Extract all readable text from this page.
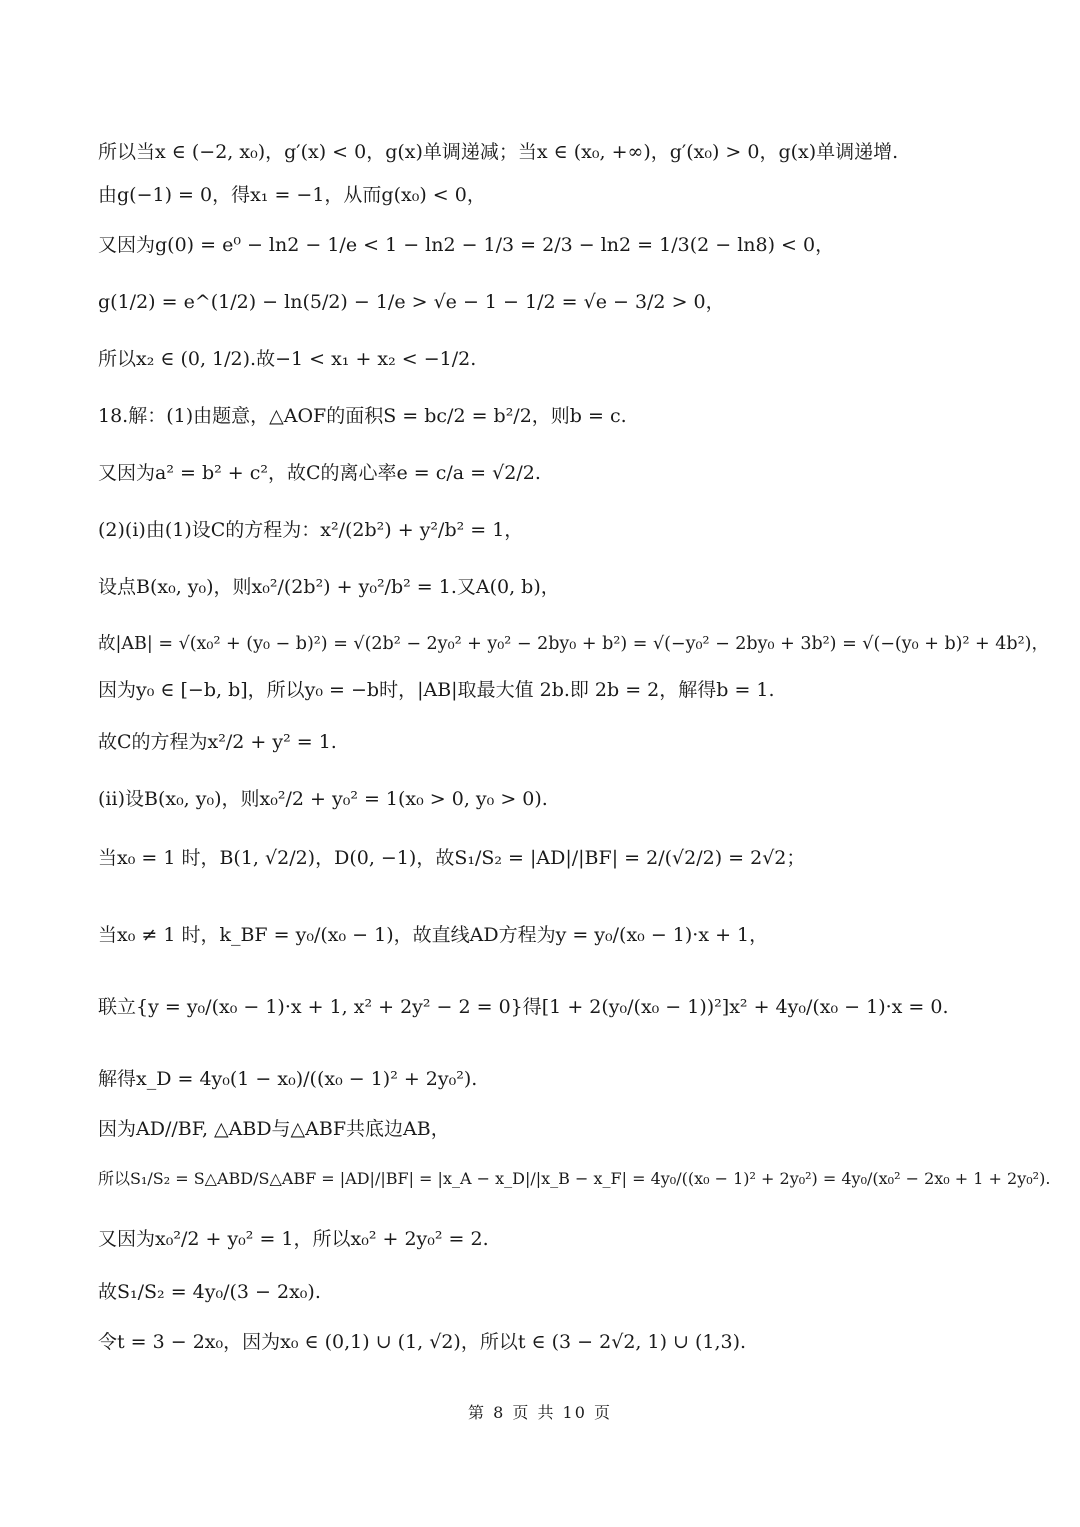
所以当x ∈ (−2, x₀)，g′(x) < 0，g(x)单调递减；当x ∈ (x₀, +∞)，g′(x₀) > 0，g(x)单调递增.
由g(−1) = 0，得x₁ = −1，从而g(x₀) < 0，
又因为g(0) = e⁰ − ln2 − 1/e < 1 − ln2 − 1/3 = 2/3 − ln2 = 1/3(2 − ln8) < 0，
g(1/2) = e^(1/2) − ln(5/2) − 1/e > √e − 1 − 1/2 = √e − 3/2 > 0，
所以x₂ ∈ (0, 1/2).故−1 < x₁ + x₂ < −1/2.
18.解：(1)由题意，△AOF的面积S = bc/2 = b²/2，则b = c.
又因为a² = b² + c²，故C的离心率e = c/a = √2/2.
(2)(i)由(1)设C的方程为：x²/(2b²) + y²/b² = 1，
设点B(x₀, y₀)，则x₀²/(2b²) + y₀²/b² = 1.又A(0, b)，
故|AB| = √(x₀² + (y₀ − b)²) = √(2b² − 2y₀² + y₀² − 2by₀ + b²) = √(−y₀² − 2by₀ + 3b²) = √(−(y₀ + b)² + 4b²)，
因为y₀ ∈ [−b, b]，所以y₀ = −b时，|AB|取最大值 2b.即 2b = 2，解得b = 1.
故C的方程为x²/2 + y² = 1.
(ii)设B(x₀, y₀)，则x₀²/2 + y₀² = 1(x₀ > 0, y₀ > 0).
当x₀ = 1 时，B(1, √2/2)，D(0, −1)，故S₁/S₂ = |AD|/|BF| = 2/(√2/2) = 2√2；
当x₀ ≠ 1 时，k_BF = y₀/(x₀ − 1)，故直线AD方程为y = y₀/(x₀ − 1)·x + 1，
联立{y = y₀/(x₀ − 1)·x + 1, x² + 2y² − 2 = 0}得[1 + 2(y₀/(x₀ − 1))²]x² + 4y₀/(x₀ − 1)·x = 0.
解得x_D = 4y₀(1 − x₀)/((x₀ − 1)² + 2y₀²).
因为AD//BF, △ABD与△ABF共底边AB，
所以S₁/S₂ = S△ABD/S△ABF = |AD|/|BF| = |x_A − x_D|/|x_B − x_F| = 4y₀/((x₀ − 1)² + 2y₀²) = 4y₀/(x₀² − 2x₀ + 1 + 2y₀²).
又因为x₀²/2 + y₀² = 1，所以x₀² + 2y₀² = 2.
故S₁/S₂ = 4y₀/(3 − 2x₀).
令t = 3 − 2x₀，因为x₀ ∈ (0,1) ∪ (1, √2)，所以t ∈ (3 − 2√2, 1) ∪ (1,3).
第 8 页 共 10 页
